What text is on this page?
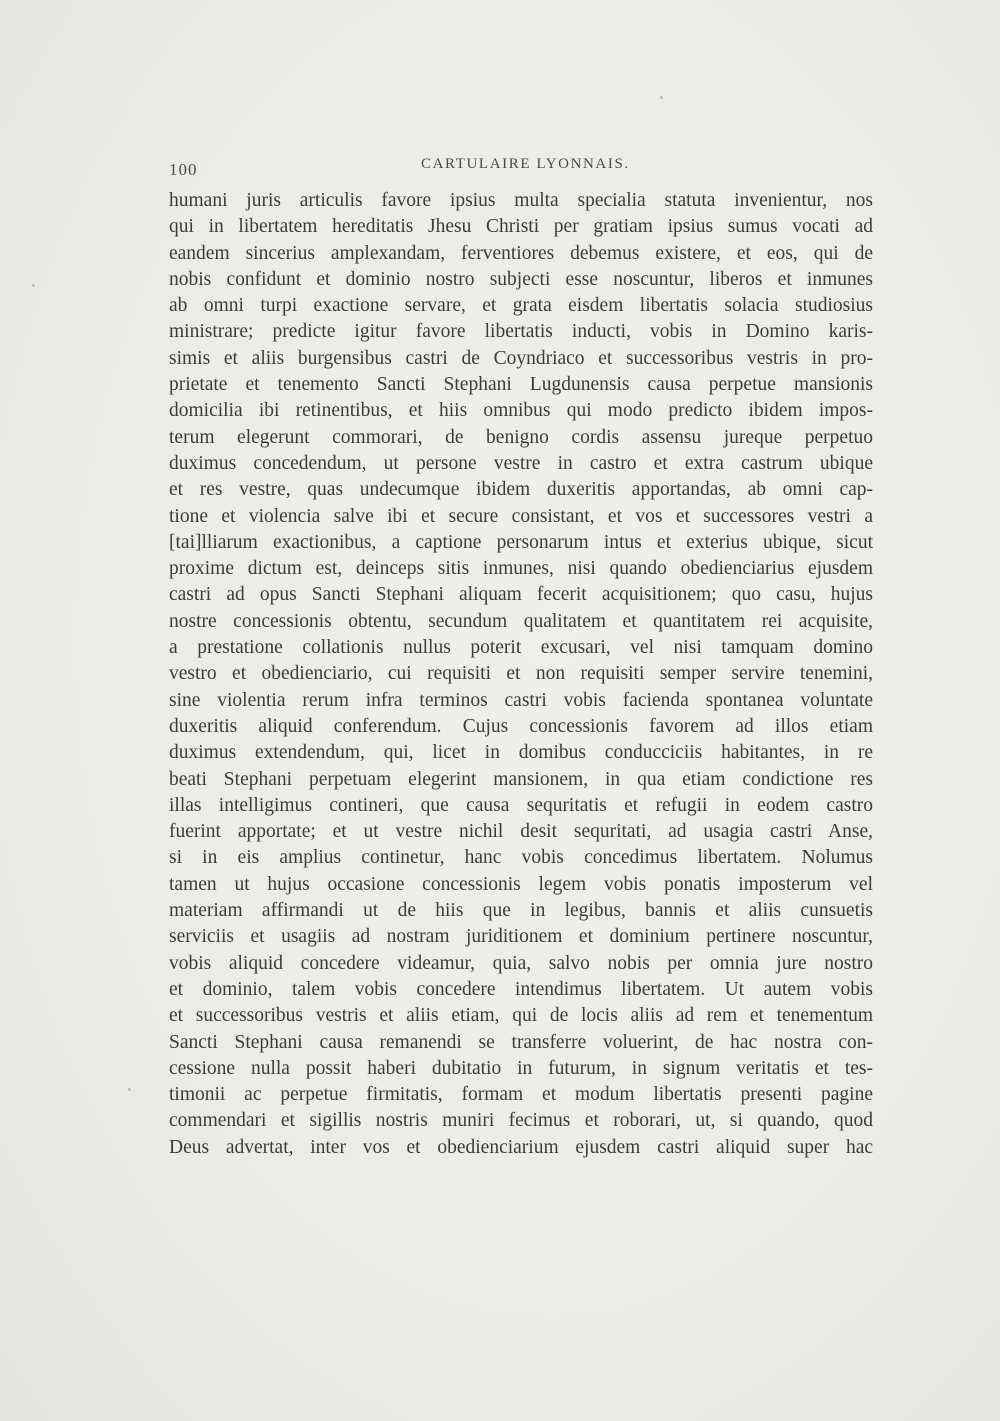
100	CARTULAIRE LYONNAIS.
humani juris articulis favore ipsius multa specialia statuta invenientur, nos
qui in libertatem hereditatis Jhesu Christi per gratiam ipsius sumus vocati ad
eandem sincerius amplexandam, ferventiores debemus existere, et eos, qui de
nobis confidunt et dominio nostro subjecti esse noscuntur, liberos et inmunes
ab omni turpi exactione servare, et grata eisdem libertatis solacia studiosius
ministrare; predicte igitur favore libertatis inducti, vobis in Domino karis-
simis et aliis burgensibus castri de Coyndriaco et successoribus vestris in pro-
prietate et tenemento Sancti Stephani Lugdunensis causa perpetue mansionis
domicilia ibi retinentibus, et hiis omnibus qui modo predicto ibidem impos-
terum elegerunt commorari, de benigno cordis assensu jureque perpetuo
duximus concedendum, ut persone vestre in castro et extra castrum ubique
et res vestre, quas undecumque ibidem duxeritis apportandas, ab omni cap-
tione et violencia salve ibi et secure consistant, et vos et successores vestri a
[tai]lliarum exactionibus, a captione personarum intus et exterius ubique, sicut
proxime dictum est, deinceps sitis inmunes, nisi quando obedienciarius ejusdem
castri ad opus Sancti Stephani aliquam fecerit acquisitionem; quo casu, hujus
nostre concessionis obtentu, secundum qualitatem et quantitatem rei acquisite,
a prestatione collationis nullus poterit excusari, vel nisi tamquam domino
vestro et obedienciario, cui requisiti et non requisiti semper servire tenemini,
sine violentia rerum infra terminos castri vobis facienda spontanea voluntate
duxeritis aliquid conferendum. Cujus concessionis favorem ad illos etiam
duximus extendendum, qui, licet in domibus conducciciis habitantes, in re
beati Stephani perpetuam elegerint mansionem, in qua etiam condictione res
illas intelligimus contineri, que causa sequritatis et refugii in eodem castro
fuerint apportate; et ut vestre nichil desit sequritati, ad usagia castri Anse,
si in eis amplius continetur, hanc vobis concedimus libertatem. Nolumus
tamen ut hujus occasione concessionis legem vobis ponatis imposterum vel
materiam affirmandi ut de hiis que in legibus, bannis et aliis cunsuetis
serviciis et usagiis ad nostram juriditionem et dominium pertinere noscuntur,
vobis aliquid concedere videamur, quia, salvo nobis per omnia jure nostro
et dominio, talem vobis concedere intendimus libertatem. Ut autem vobis
et successoribus vestris et aliis etiam, qui de locis aliis ad rem et tenementum
Sancti Stephani causa remanendi se transferre voluerint, de hac nostra con-
cessione nulla possit haberi dubitatio in futurum, in signum veritatis et tes-
timonii ac perpetue firmitatis, formam et modum libertatis presenti pagine
commendari et sigillis nostris muniri fecimus et roborari, ut, si quando, quod
Deus advertat, inter vos et obedienciarium ejusdem castri aliquid super hac
